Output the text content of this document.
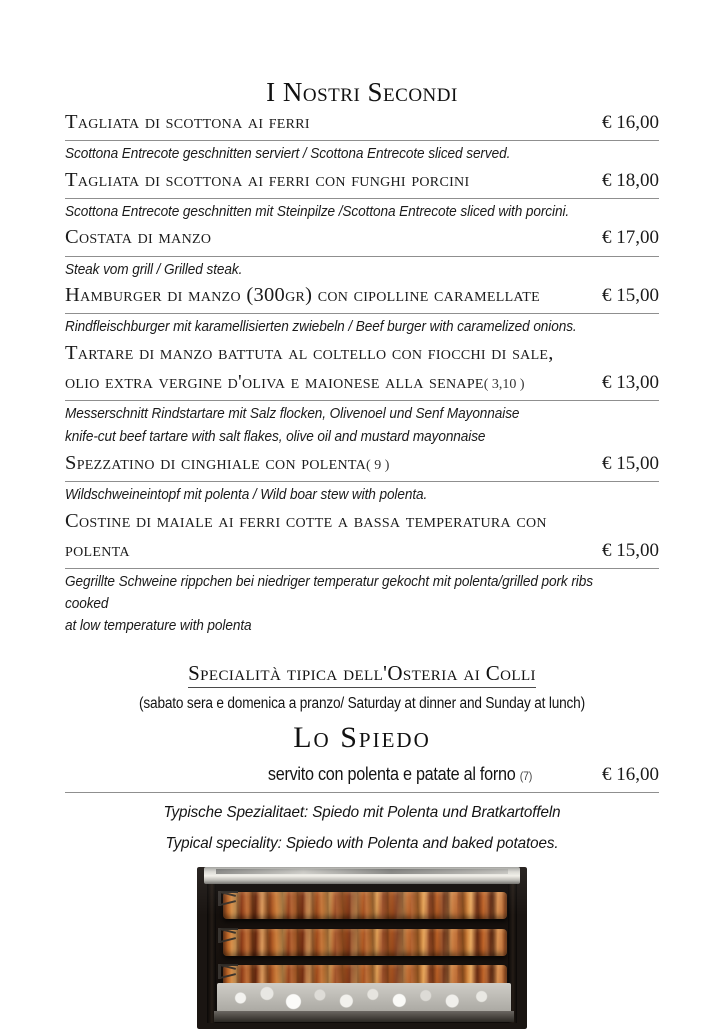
I Nostri Secondi
Tagliata di scottona ai ferri	€ 16,00
Scottona Entrecote geschnitten serviert / Scottona Entrecote sliced served.
Tagliata di scottona ai ferri con funghi porcini	€ 18,00
Scottona Entrecote geschnitten mit Steinpilze /Scottona Entrecote sliced with porcini.
Costata di manzo	€ 17,00
Steak vom grill / Grilled steak.
Hamburger di manzo (300gr) con cipolline caramellate	€ 15,00
Rindfleischburger mit karamellisierten zwiebeln / Beef burger with caramelized onions.
Tartare di manzo battuta al coltello con fiocchi di sale,
olio extra vergine d'oliva e maionese alla senape( 3,10 )	€ 13,00
Messerschnitt Rindstartare mit Salz flocken, Olivenoel und Senf Mayonnaise
knife-cut beef tartare with salt flakes, olive oil and mustard mayonnaise
Spezzatino di cinghiale con polenta( 9 )	€ 15,00
Wildschweineintopf mit polenta / Wild boar stew with polenta.
Costine di maiale ai ferri cotte a bassa temperatura con
polenta	€ 15,00
Gegrillte Schweine rippchen bei niedriger temperatur gekocht mit polenta/grilled pork ribs cooked
at low temperature with polenta
Specialità tipica dell'Osteria ai Colli
(sabato sera e domenica a pranzo/ Saturday at dinner and Sunday at lunch)
Lo Spiedo
servito con polenta e patate al forno (7)	€ 16,00
Typische Spezialitaet: Spiedo mit Polenta und Bratkartoffeln
Typical speciality: Spiedo with Polenta and baked potatoes.
